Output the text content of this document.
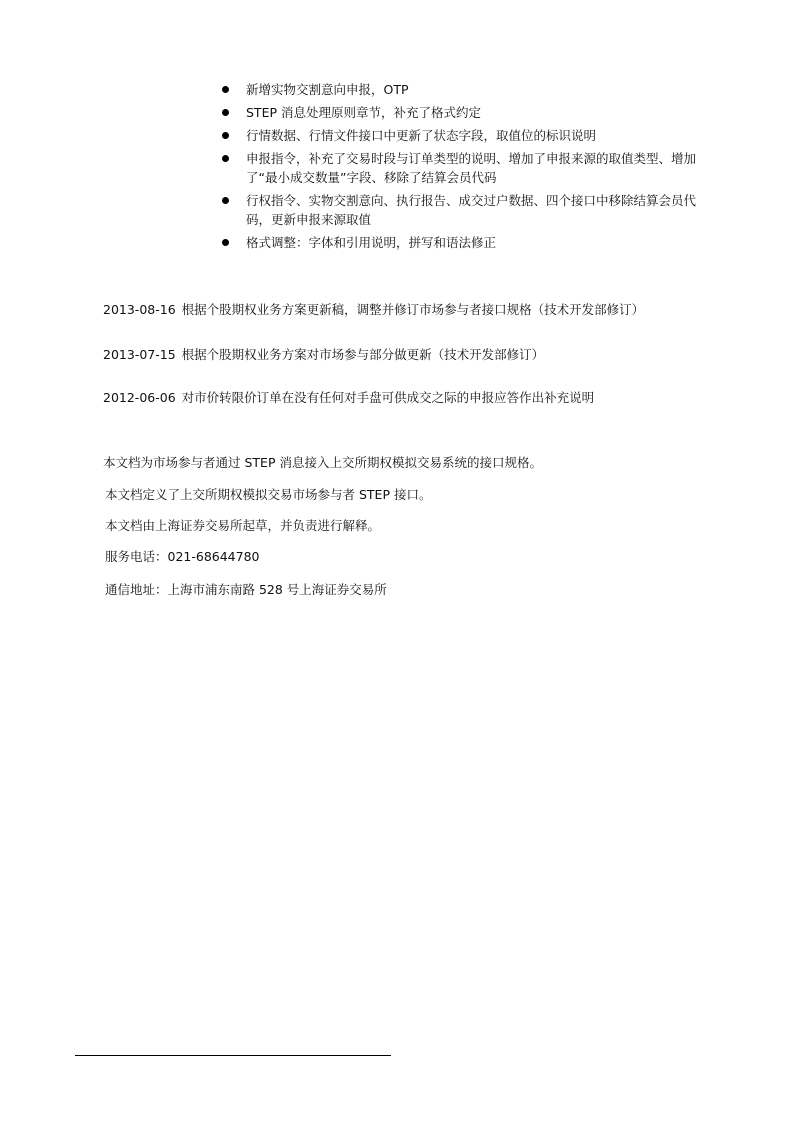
新增实物交割意向申报，OTP
STEP 消息处理原则章节，补充了格式约定
行情数据、行情文件接口中更新了状态字段，取值位的标识说明
申报指令，补充了交易时段与订单类型的说明、增加了申报来源的取值类型、增加了“最小成交数量”字段、移除了结算会员代码
行权指令、实物交割意向、执行报告、成交过户数据、四个接口中移除结算会员代码，更新申报来源取值
格式调整：字体和引用说明，拼写和语法修正
2013-08-16 根据个股期权业务方案更新稿，调整并修订市场参与者接口规格（技术开发部修订）
2013-07-15 根据个股期权业务方案对市场参与部分做更新（技术开发部修订）
2012-06-06 对市价转限价订单在没有任何对手盘可供成交之际的申报应答作出补充说明
本文档为市场参与者通过 STEP 消息接入上交所期权模拟交易系统的接口规格。
本文档定义了上交所期权模拟交易市场参与者 STEP 接口。
本文档由上海证券交易所起草，并负责进行解释。
服务电话：021-68644780
通信地址：上海市浦东南路 528 号上海证券交易所
